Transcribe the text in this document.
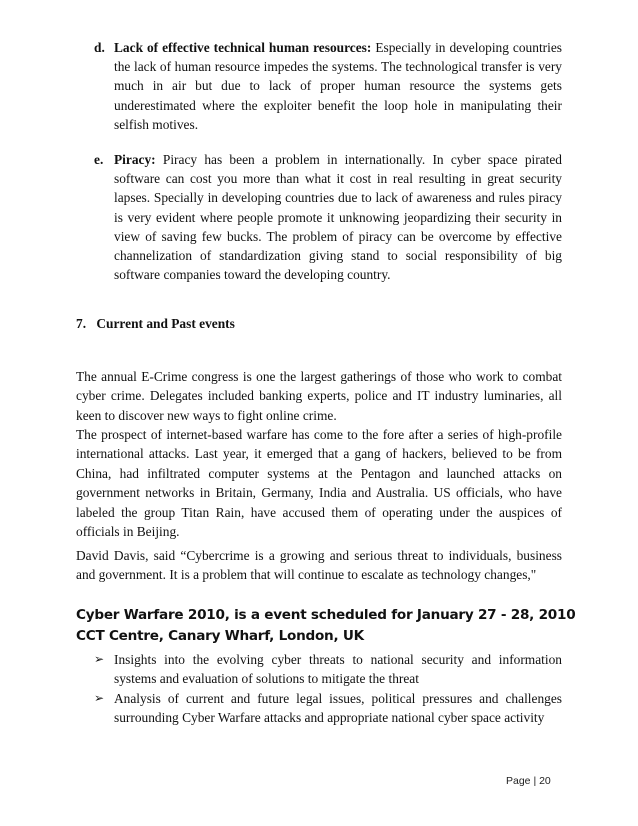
d. Lack of effective technical human resources: Especially in developing countries the lack of human resource impedes the systems. The technological transfer is very much in air but due to lack of proper human resource the systems gets underestimated where the exploiter benefit the loop hole in manipulating their selfish motives.
e. Piracy: Piracy has been a problem in internationally. In cyber space pirated software can cost you more than what it cost in real resulting in great security lapses. Specially in developing countries due to lack of awareness and rules piracy is very evident where people promote it unknowing jeopardizing their security in view of saving few bucks. The problem of piracy can be overcome by effective channelization of standardization giving stand to social responsibility of big software companies toward the developing country.
7. Current and Past events

The annual E-Crime congress is one the largest gatherings of those who work to combat cyber crime. Delegates included banking experts, police and IT industry luminaries, all keen to discover new ways to fight online crime.

The prospect of internet-based warfare has come to the fore after a series of high-profile international attacks. Last year, it emerged that a gang of hackers, believed to be from China, had infiltrated computer systems at the Pentagon and launched attacks on government networks in Britain, Germany, India and Australia. US officials, who have labeled the group Titan Rain, have accused them of operating under the auspices of officials in Beijing.

David Davis, said “Cybercrime is a growing and serious threat to individuals, business and government. It is a problem that will continue to escalate as technology changes,"

Cyber Warfare 2010, is a event scheduled for January 27 - 28, 2010 CCT Centre, Canary Wharf, London, UK
➢ Insights into the evolving cyber threats to national security and information systems and evaluation of solutions to mitigate the threat
➢ Analysis of current and future legal issues, political pressures and challenges surrounding Cyber Warfare attacks and appropriate national cyber space activity
Page | 20
